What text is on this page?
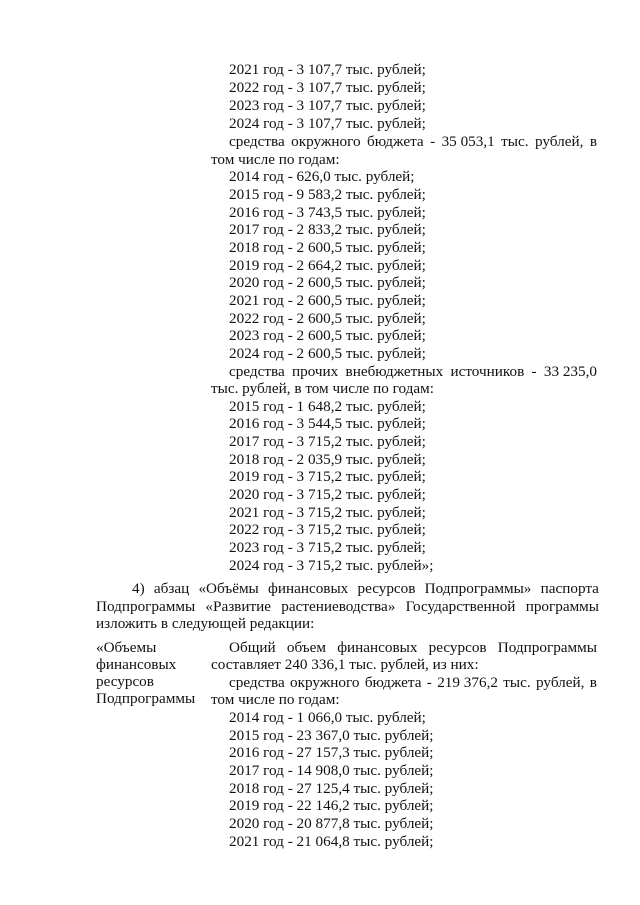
2021 год - 3 107,7 тыс. рублей;
2022 год - 3 107,7 тыс. рублей;
2023 год - 3 107,7 тыс. рублей;
2024 год - 3 107,7 тыс. рублей;
средства окружного бюджета - 35 053,1 тыс. рублей, в
том числе по годам:
2014 год - 626,0 тыс. рублей;
2015 год - 9 583,2 тыс. рублей;
2016 год - 3 743,5 тыс. рублей;
2017 год - 2 833,2 тыс. рублей;
2018 год - 2 600,5 тыс. рублей;
2019 год - 2 664,2 тыс. рублей;
2020 год - 2 600,5 тыс. рублей;
2021 год - 2 600,5 тыс. рублей;
2022 год - 2 600,5 тыс. рублей;
2023 год - 2 600,5 тыс. рублей;
2024 год - 2 600,5 тыс. рублей;
средства прочих внебюджетных источников - 33 235,0
тыс. рублей, в том числе по годам:
2015 год - 1 648,2 тыс. рублей;
2016 год - 3 544,5 тыс. рублей;
2017 год - 3 715,2 тыс. рублей;
2018 год - 2 035,9 тыс. рублей;
2019 год - 3 715,2 тыс. рублей;
2020 год - 3 715,2 тыс. рублей;
2021 год - 3 715,2 тыс. рублей;
2022 год - 3 715,2 тыс. рублей;
2023 год - 3 715,2 тыс. рублей;
2024 год - 3 715,2 тыс. рублей»;
4) абзац «Объёмы финансовых ресурсов Подпрограммы» паспорта
Подпрограммы «Развитие растениеводства» Государственной программы
изложить в следующей редакции:
«Объемы
финансовых
ресурсов
Подпрограммы
Общий объем финансовых ресурсов Подпрограммы
составляет 240 336,1 тыс. рублей, из них:
средства окружного бюджета - 219 376,2 тыс. рублей, в
том числе по годам:
2014 год - 1 066,0 тыс. рублей;
2015 год - 23 367,0 тыс. рублей;
2016 год - 27 157,3 тыс. рублей;
2017 год - 14 908,0 тыс. рублей;
2018 год - 27 125,4 тыс. рублей;
2019 год - 22 146,2 тыс. рублей;
2020 год - 20 877,8 тыс. рублей;
2021 год - 21 064,8 тыс. рублей;
